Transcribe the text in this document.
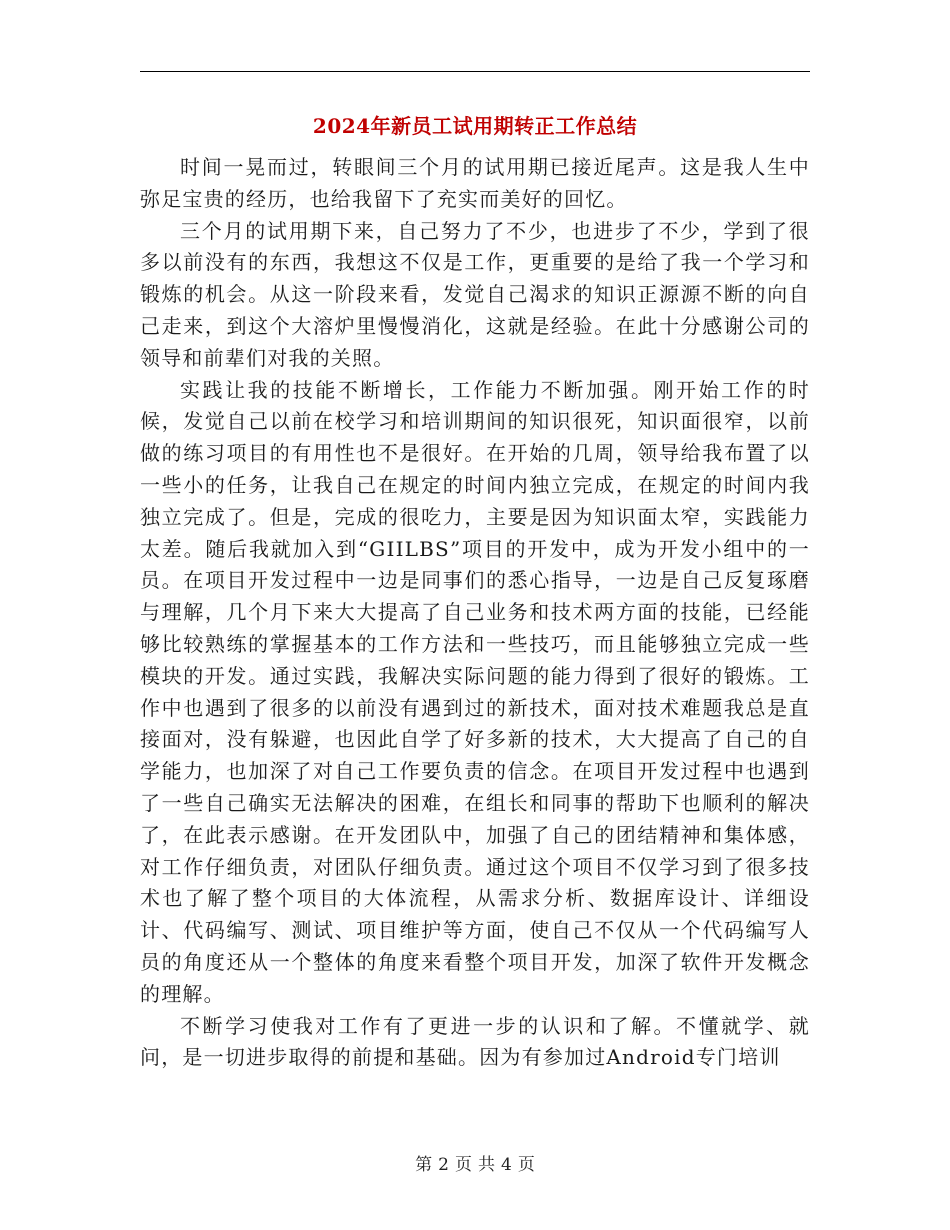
2024年新员工试用期转正工作总结

时间一晃而过，转眼间三个月的试用期已接近尾声。这是我人生中弥足宝贵的经历，也给我留下了充实而美好的回忆。

三个月的试用期下来，自己努力了不少，也进步了不少，学到了很多以前没有的东西，我想这不仅是工作，更重要的是给了我一个学习和锻炼的机会。从这一阶段来看，发觉自己渴求的知识正源源不断的向自己走来，到这个大溶炉里慢慢消化，这就是经验。在此十分感谢公司的领导和前辈们对我的关照。

实践让我的技能不断增长，工作能力不断加强。刚开始工作的时候，发觉自己以前在校学习和培训期间的知识很死，知识面很窄，以前做的练习项目的有用性也不是很好。在开始的几周，领导给我布置了以一些小的任务，让我自己在规定的时间内独立完成，在规定的时间内我独立完成了。但是，完成的很吃力，主要是因为知识面太窄，实践能力太差。随后我就加入到“GIILBS”项目的开发中，成为开发小组中的一员。在项目开发过程中一边是同事们的悉心指导，一边是自己反复琢磨与理解，几个月下来大大提高了自己业务和技术两方面的技能，已经能够比较熟练的掌握基本的工作方法和一些技巧，而且能够独立完成一些模块的开发。通过实践，我解决实际问题的能力得到了很好的锻炼。工作中也遇到了很多的以前没有遇到过的新技术，面对技术难题我总是直接面对，没有躲避，也因此自学了好多新的技术，大大提高了自己的自学能力，也加深了对自己工作要负责的信念。在项目开发过程中也遇到了一些自己确实无法解决的困难，在组长和同事的帮助下也顺利的解决了，在此表示感谢。在开发团队中，加强了自己的团结精神和集体感，对工作仔细负责，对团队仔细负责。通过这个项目不仅学习到了很多技术也了解了整个项目的大体流程，从需求分析、数据库设计、详细设计、代码编写、测试、项目维护等方面，使自己不仅从一个代码编写人员的角度还从一个整体的角度来看整个项目开发，加深了软件开发概念的理解。

不断学习使我对工作有了更进一步的认识和了解。不懂就学、就问，是一切进步取得的前提和基础。因为有参加过Android专门培训

第 2 页 共 4 页
